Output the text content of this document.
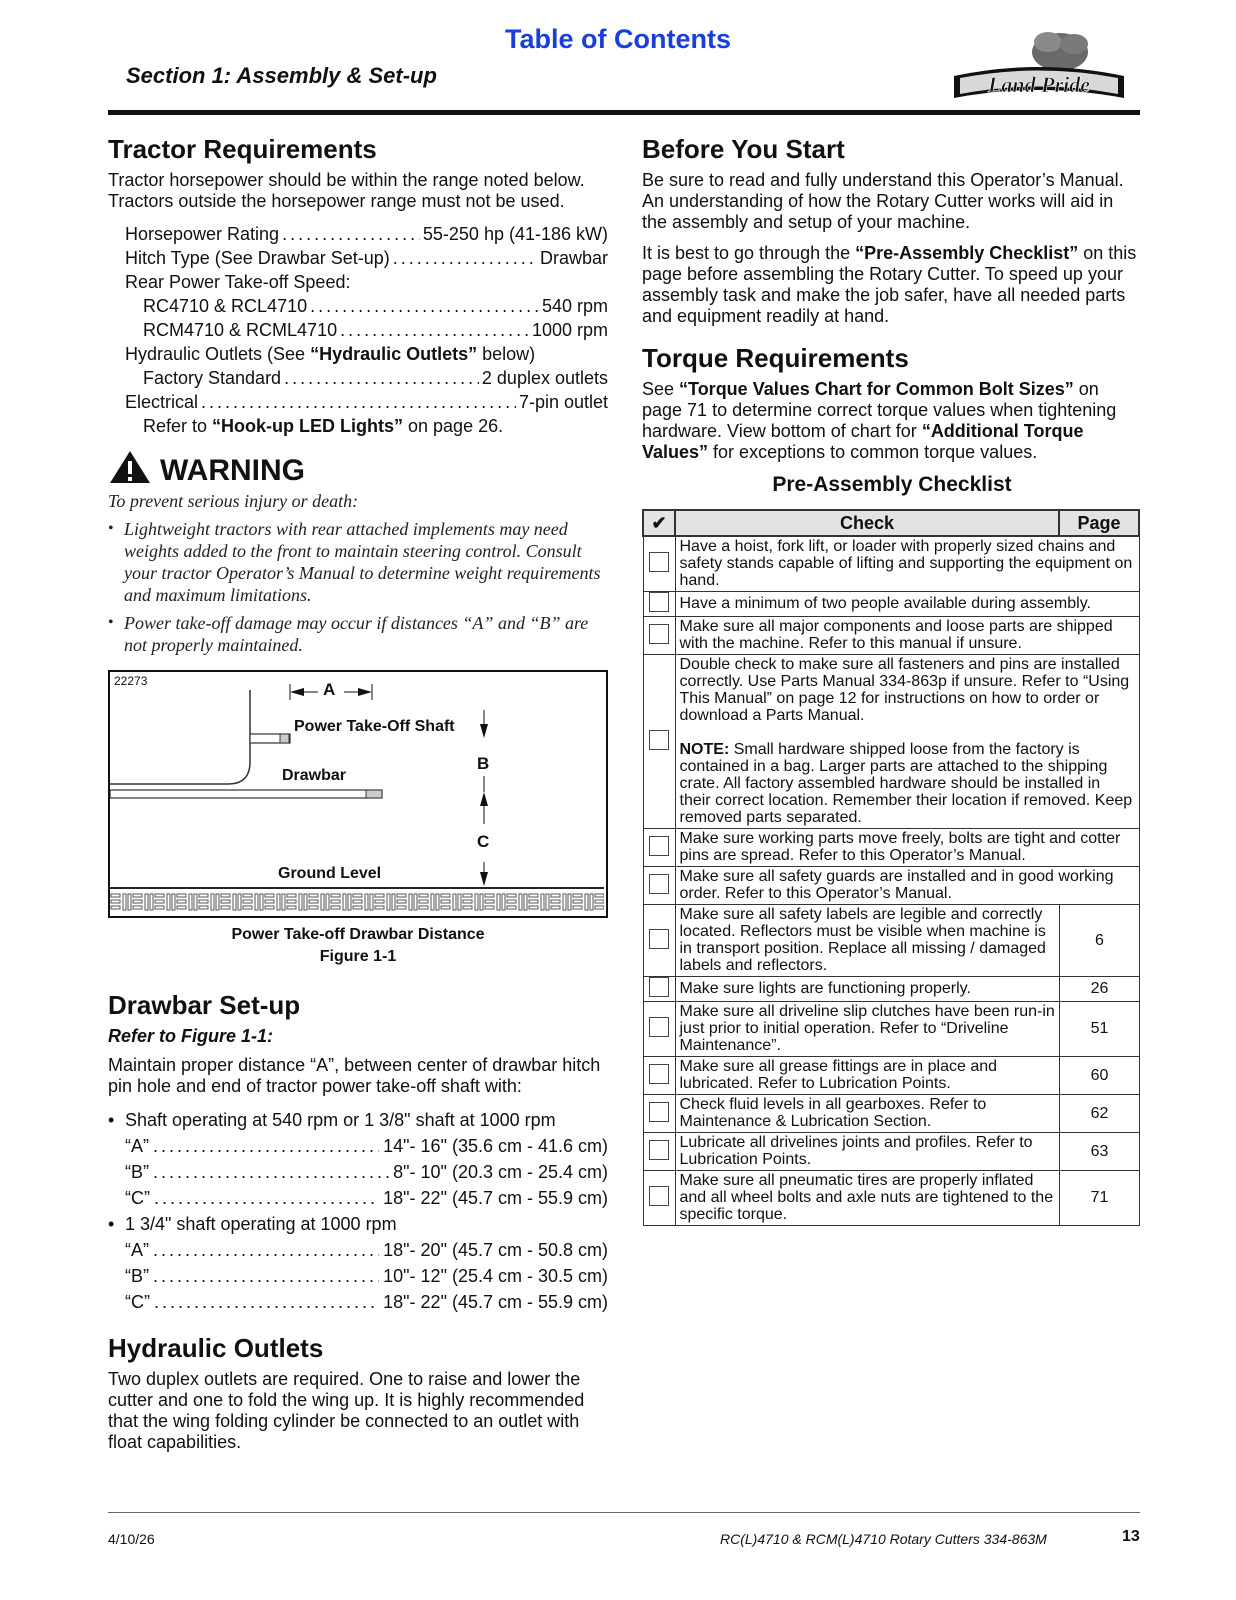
Table of Contents
Section 1: Assembly & Set-up	Land Pride
Tractor Requirements

Tractor horsepower should be within the range noted below. Tractors outside the horsepower range must not be used.

Horsepower Rating .....	55-250 hp (41-186 kW)
Hitch Type (See Drawbar Set-up) .....	Drawbar
Rear Power Take-off Speed:
RC4710 & RCL4710 .....	540 rpm
RCM4710 & RCML4710 .....	1000 rpm
Hydraulic Outlets (See “Hydraulic Outlets” below)
Factory Standard .....	2 duplex outlets
Electrical .....	7-pin outlet
Refer to “Hook-up LED Lights” on page 26.
WARNING
To prevent serious injury or death:
• Lightweight tractors with rear attached implements may need weights added to the front to maintain steering control. Consult your tractor Operator’s Manual to determine weight requirements and maximum limitations.
• Power take-off damage may occur if distances “A” and “B” are not properly maintained.
22273	A
Power Take-Off Shaft
B
Drawbar
C
Ground Level
Power Take-off Drawbar Distance
Figure 1-1
Drawbar Set-up

Refer to Figure 1-1:

Maintain proper distance “A”, between center of drawbar hitch pin hole and end of tractor power take-off shaft with:

• Shaft operating at 540 rpm or 1 3/8" shaft at 1000 rpm
“A” .....	14"- 16" (35.6 cm - 41.6 cm)
“B” .....	8"- 10" (20.3 cm - 25.4 cm)
“C” .....	18"- 22" (45.7 cm - 55.9 cm)
• 1 3/4" shaft operating at 1000 rpm
“A” .....	18"- 20" (45.7 cm - 50.8 cm)
“B” .....	10"- 12" (25.4 cm - 30.5 cm)
“C” .....	18"- 22" (45.7 cm - 55.9 cm)
Hydraulic Outlets

Two duplex outlets are required. One to raise and lower the cutter and one to fold the wing up. It is highly recommended that the wing folding cylinder be connected to an outlet with float capabilities.

Before You Start

Be sure to read and fully understand this Operator’s Manual. An understanding of how the Rotary Cutter works will aid in the assembly and setup of your machine.

It is best to go through the “Pre-Assembly Checklist” on this page before assembling the Rotary Cutter. To speed up your assembly task and make the job safer, have all needed parts and equipment readily at hand.

Torque Requirements

See “Torque Values Chart for Common Bolt Sizes” on page 71 to determine correct torque values when tightening hardware. View bottom of chart for “Additional Torque Values” for exceptions to common torque values.

Pre-Assembly Checklist
✔	Check	Page
	Have a hoist, fork lift, or loader with properly sized chains and safety stands capable of lifting and supporting the equipment on hand.	
	Have a minimum of two people available during assembly.	
	Make sure all major components and loose parts are shipped with the machine. Refer to this manual if unsure.	

	Double check to make sure all fasteners and pins are installed correctly. Use Parts Manual 334-863p if unsure. Refer to “Using This Manual” on page 12 for instructions on how to order or download a Parts Manual.
NOTE: Small hardware shipped loose from the factory is contained in a bag. Larger parts are attached to the shipping crate. All factory assembled hardware should be installed in their correct location. Remember their location if removed. Keep removed parts separated.	

	Make sure working parts move freely, bolts are tight and cotter pins are spread. Refer to this Operator’s Manual.	
	Make sure all safety guards are installed and in good working order. Refer to this Operator’s Manual.	
	Make sure all safety labels are legible and correctly located. Reflectors must be visible when machine is in transport position. Replace all missing / damaged labels and reflectors.	6
	Make sure lights are functioning properly.	26
	Make sure all driveline slip clutches have been run-in just prior to initial operation. Refer to “Driveline Maintenance”.	51
	Make sure all grease fittings are in place and lubricated. Refer to Lubrication Points.	60
	Check fluid levels in all gearboxes. Refer to Maintenance & Lubrication Section.	62
	Lubricate all drivelines joints and profiles. Refer to Lubrication Points.	63
	Make sure all pneumatic tires are properly inflated and all wheel bolts and axle nuts are tightened to the specific torque.	71
4/10/26	RC(L)4710 & RCM(L)4710 Rotary Cutters 334-863M	13
